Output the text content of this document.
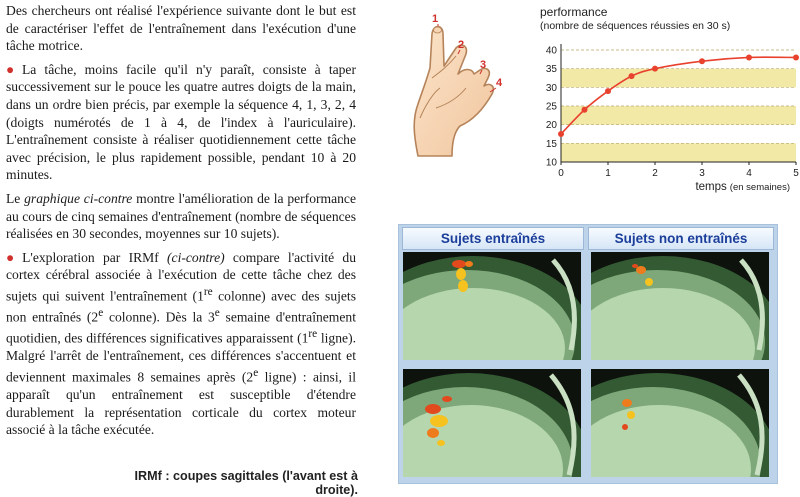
Des chercheurs ont réalisé l'expérience suivante dont le but est de caractériser l'effet de l'entraînement dans l'exécution d'une tâche motrice.

● La tâche, moins facile qu'il n'y paraît, consiste à taper successivement sur le pouce les quatre autres doigts de la main, dans un ordre bien précis, par exemple la séquence 4, 1, 3, 2, 4 (doigts numérotés de 1 à 4, de l'index à l'auriculaire). L'entraînement consiste à réaliser quotidiennement cette tâche avec précision, le plus rapidement possible, pendant 10 à 20 minutes.

Le graphique ci-contre montre l'amélioration de la performance au cours de cinq semaines d'entraînement (nombre de séquences réalisées en 30 secondes, moyennes sur 10 sujets).

● L'exploration par IRMf (ci-contre) compare l'activité du cortex cérébral associée à l'exécution de cette tâche chez des sujets qui suivent l'entraînement (1re colonne) avec des sujets non entraînés (2e colonne). Dès la 3e semaine d'entraînement quotidien, des différences significatives apparaissent (1re ligne). Malgré l'arrêt de l'entraînement, ces différences s'accentuent et deviennent maximales 8 semaines après (2e ligne) : ainsi, il apparaît qu'un entraînement est susceptible d'étendre durablement la représentation corticale du cortex moteur associé à la tâche exécutée.

IRMf : coupes sagittales (l'avant est à droite).
1
2
3
4
performance
(nombre de séquences réussies en 30 s)
10
15
20
25
30
35
40
0	1	2	3	4	5
temps (en semaines)
Sujets entraînés	Sujets non entraînés
